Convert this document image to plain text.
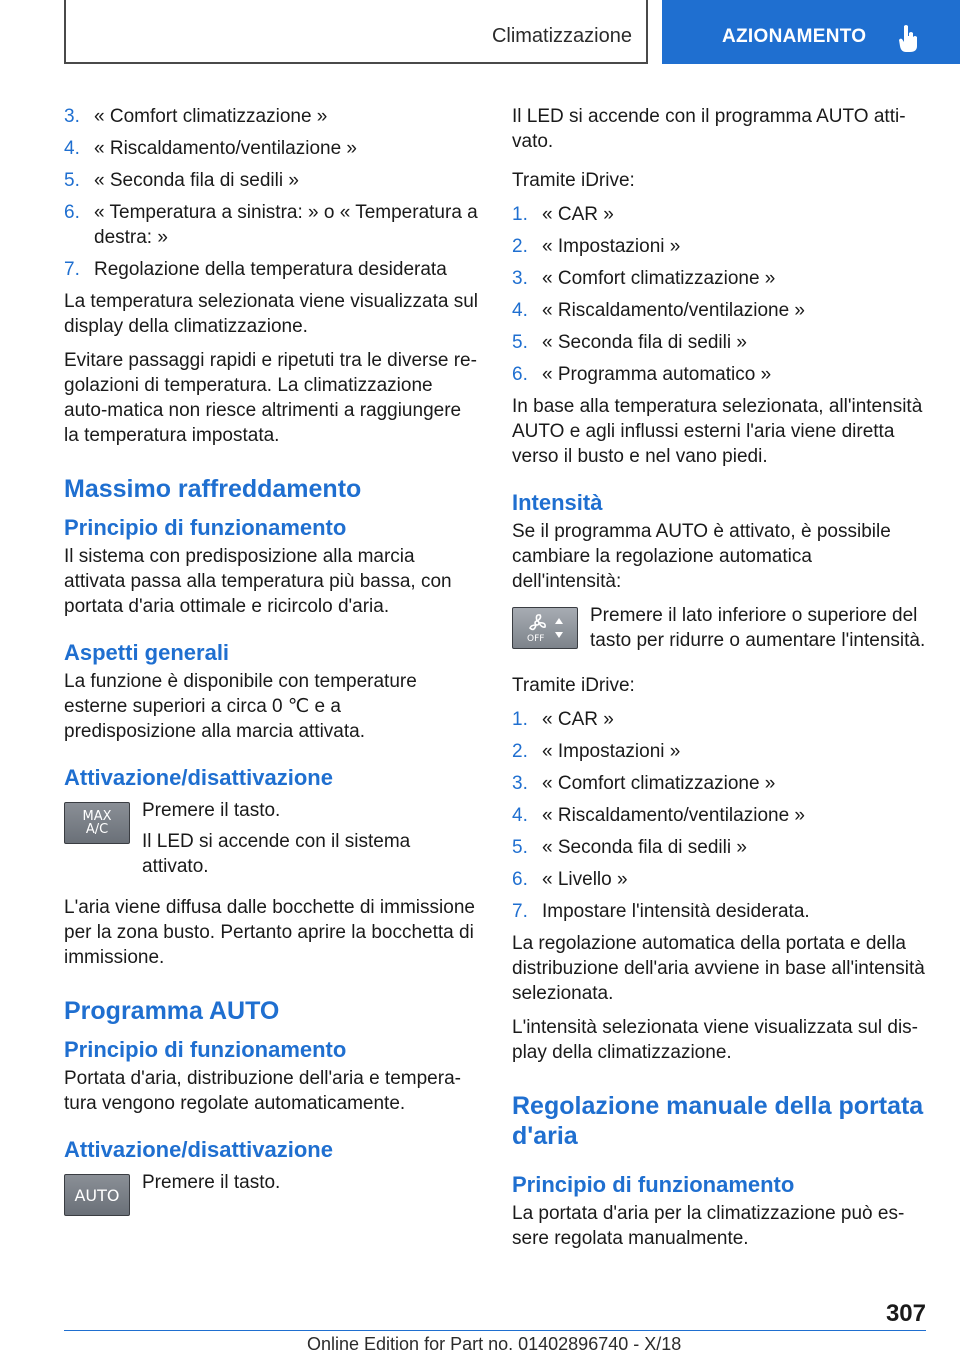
Climatizzazione	AZIONAMENTO
3. « Comfort climatizzazione »
4. « Riscaldamento/ventilazione »
5. « Seconda fila di sedili »
6. « Temperatura a sinistra: » o « Temperatura a destra: »
7. Regolazione della temperatura desiderata

La temperatura selezionata viene visualizzata sul display della climatizzazione.

Evitare passaggi rapidi e ripetuti tra le diverse re-golazioni di temperatura. La climatizzazione auto-matica non riesce altrimenti a raggiungere la temperatura impostata.

Massimo raffreddamento
Principio di funzionamento

Il sistema con predisposizione alla marcia attivata passa alla temperatura più bassa, con portata d'aria ottimale e ricircolo d'aria.

Aspetti generali

La funzione è disponibile con temperature esterne superiori a circa 0 ℃ e a predisposizione alla marcia attivata.

Attivazione/disattivazione
MAX
A/C

Premere il tasto.

Il LED si accende con il sistema attivato.

L'aria viene diffusa dalle bocchette di immissione per la zona busto. Pertanto aprire la bocchetta di immissione.

Programma AUTO
Principio di funzionamento

Portata d'aria, distribuzione dell'aria e tempera-tura vengono regolate automaticamente.

Attivazione/disattivazione
AUTO

Premere il tasto.

Il LED si accende con il programma AUTO atti-vato.

Tramite iDrive:

1. « CAR »
2. « Impostazioni »
3. « Comfort climatizzazione »
4. « Riscaldamento/ventilazione »
5. « Seconda fila di sedili »
6. « Programma automatico »

In base alla temperatura selezionata, all'intensità AUTO e agli influssi esterni l'aria viene diretta verso il busto e nel vano piedi.

Intensità

Se il programma AUTO è attivato, è possibile cambiare la regolazione automatica dell'intensità:

OFF

Premere il lato inferiore o superiore del tasto per ridurre o aumentare l'intensità.

Tramite iDrive:

1. « CAR »
2. « Impostazioni »
3. « Comfort climatizzazione »
4. « Riscaldamento/ventilazione »
5. « Seconda fila di sedili »
6. « Livello »
7. Impostare l'intensità desiderata.

La regolazione automatica della portata e della distribuzione dell'aria avviene in base all'intensità selezionata.

L'intensità selezionata viene visualizzata sul dis-play della climatizzazione.

Regolazione manuale della portata d'aria
Principio di funzionamento

La portata d'aria per la climatizzazione può es-sere regolata manualmente.

307
Online Edition for Part no. 01402896740 - X/18
